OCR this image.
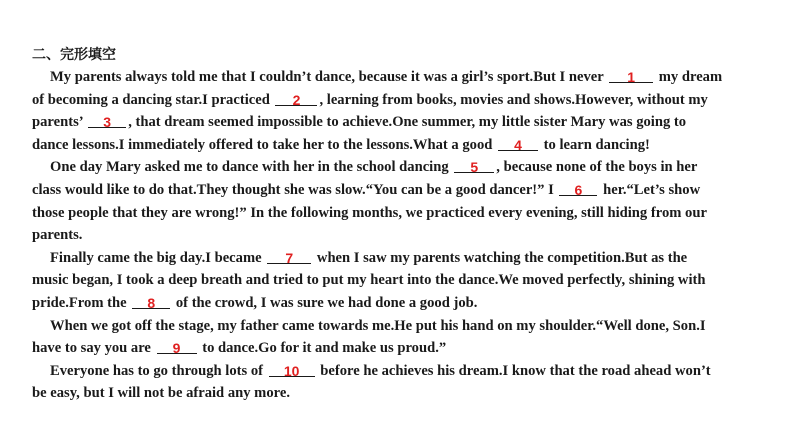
二、完形填空
My parents always told me that I couldn’t dance, because it was a girl’s sport.But I never 1 my dream
of becoming a dancing star.I practiced 2 , learning from books, movies and shows.However, without my
parents’ 3 , that dream seemed impossible to achieve.One summer, my little sister Mary was going to
dance lessons.I immediately offered to take her to the lessons.What a good 4 to learn dancing!
One day Mary asked me to dance with her in the school dancing 5 , because none of the boys in her
class would like to do that.They thought she was slow.“You can be a good dancer!” I 6 her.“Let’s show
those people that they are wrong!” In the following months, we practiced every evening, still hiding from our
parents.
Finally came the big day.I became 7 when I saw my parents watching the competition.But as the
music began, I took a deep breath and tried to put my heart into the dance.We moved perfectly, shining with
pride.From the 8 of the crowd, I was sure we had done a good job.
When we got off the stage, my father came towards me.He put his hand on my shoulder.“Well done, Son.I
have to say you are 9 to dance.Go for it and make us proud.”
Everyone has to go through lots of 10 before he achieves his dream.I know that the road ahead won’t
be easy, but I will not be afraid any more.
